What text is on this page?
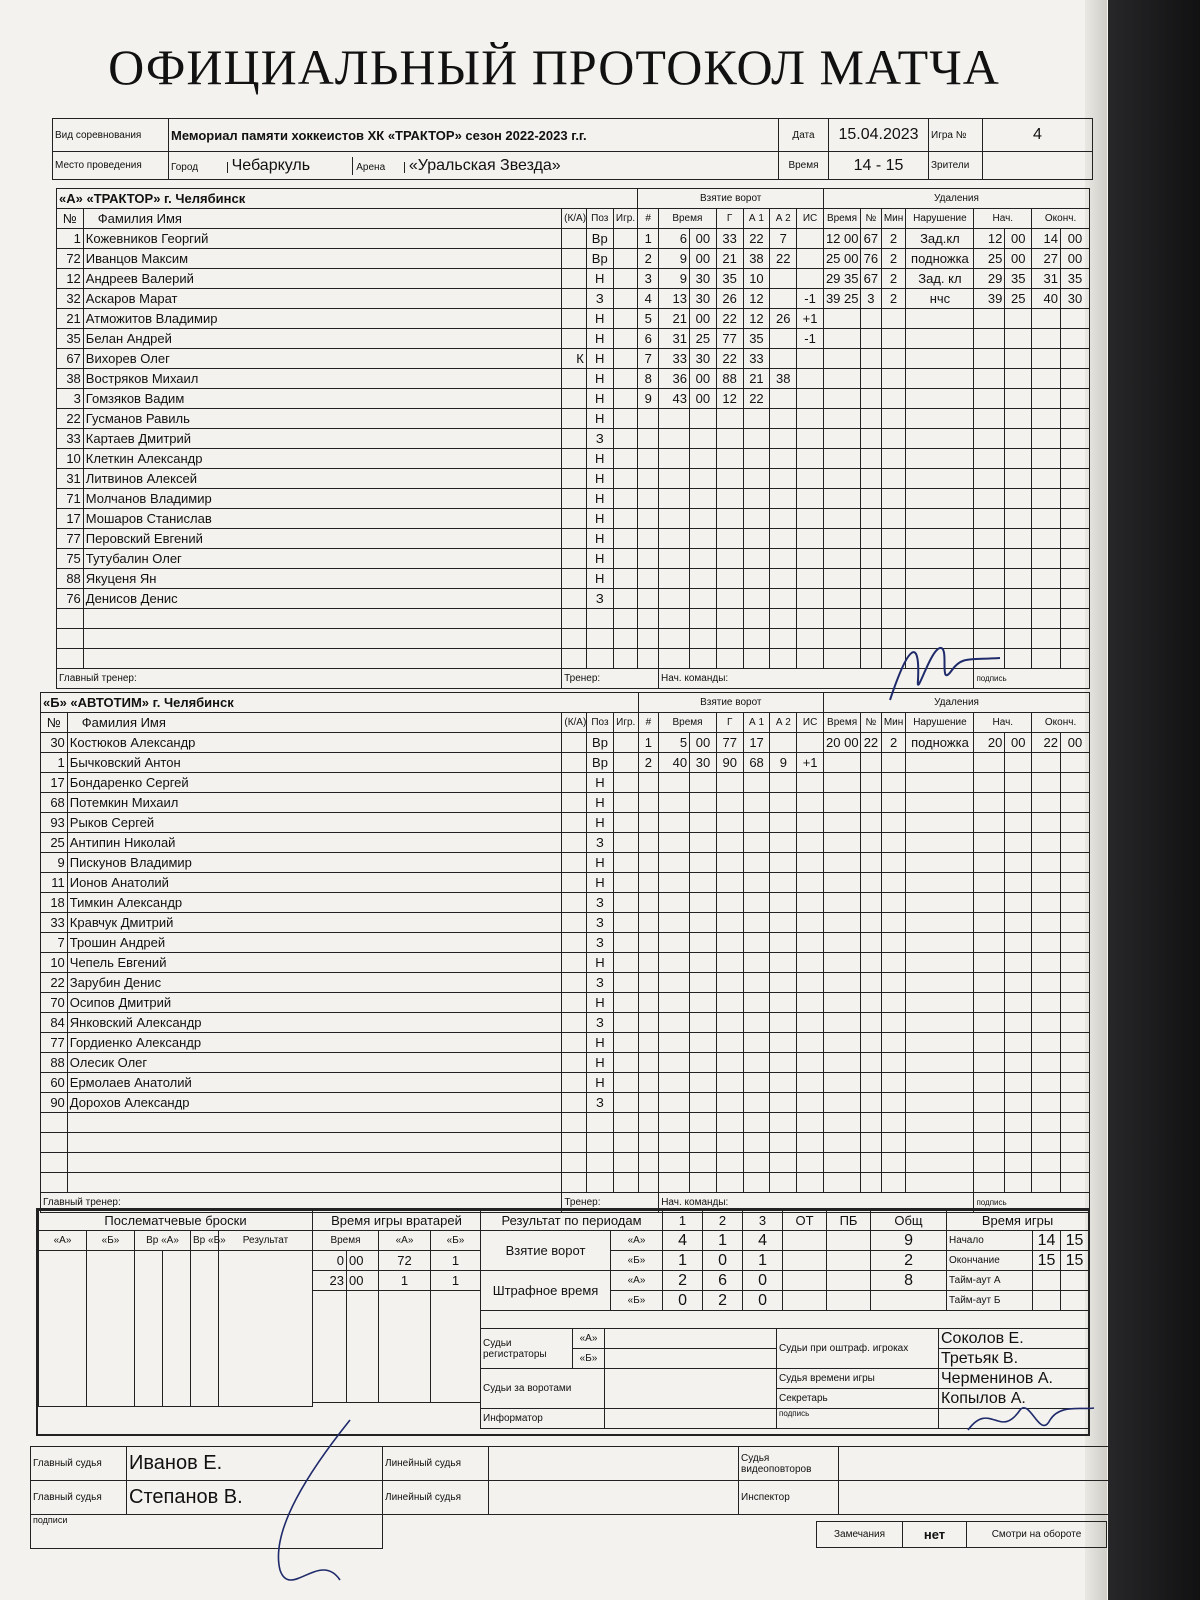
ОФИЦИАЛЬНЫЙ ПРОТОКОЛ МАТЧА
Вид соревнования	Мемориал памяти хоккеистов ХК «ТРАКТОР» сезон 2022-2023 г.г.	Дата	15.04.2023	Игра №	4
Место проведения	Город Чебаркуль Арена «Уральская Звезда»	Время	14 - 15	Зрители	
«А» «ТРАКТОР» г. Челябинск					Взятие ворот							Удаления							
№	Фамилия Имя	(К/А)	Поз	Игр.	#	Время		Г	А 1	А 2	ИС	Время	№	Мин	Нарушение	Нач.		Оконч.	
1	Кожевников Георгий		Вр		1	6	00	33	22	7		12 00	67	2	Зад.кл	12	00	14	00
72	Иванцов Максим		Вр		2	9	00	21	38	22		25 00	76	2	подножка	25	00	27	00
12	Андреев Валерий		Н		3	9	30	35	10			29 35	67	2	Зад. кл	29	35	31	35
32	Аскаров Марат		З		4	13	30	26	12		-1	39 25	3	2	нчс	39	25	40	30
21	Атможитов Владимир		Н		5	21	00	22	12	26	+1								
35	Белан Андрей		Н		6	31	25	77	35		-1								
67	Вихорев Олег	К	Н		7	33	30	22	33										
38	Востряков Михаил		Н		8	36	00	88	21	38									
3	Гомзяков Вадим		Н		9	43	00	12	22										
22	Гусманов Равиль		Н																
33	Картаев Дмитрий		З																
10	Клеткин Александр		Н																
31	Литвинов Алексей		Н																
71	Молчанов Владимир		Н																
17	Мошаров Станислав		Н																
77	Перовский Евгений		Н																
75	Тутубалин Олег		Н																
88	Якуценя Ян		Н																
76	Денисов Денис		З																

Главный тренер:		Тренер:				Нач. команды:										подпись			
«Б» «АВТОТИМ» г. Челябинск					Взятие ворот							Удаления							
№	Фамилия Имя	(К/А)	Поз	Игр.	#	Время		Г	А 1	А 2	ИС	Время	№	Мин	Нарушение	Нач.		Оконч.	
30	Костюков Александр		Вр		1	5	00	77	17			20 00	22	2	подножка	20	00	22	00
1	Бычковский Антон		Вр		2	40	30	90	68	9	+1								
17	Бондаренко Сергей		Н																
68	Потемкин Михаил		Н																
93	Рыков Сергей		Н																
25	Антипин Николай		З																
9	Пискунов Владимир		Н																
11	Ионов Анатолий		Н																
18	Тимкин Александр		З																
33	Кравчук Дмитрий		З																
7	Трошин Андрей		З																
10	Чепель Евгений		Н																
22	Зарубин Денис		З																
70	Осипов Дмитрий		Н																
84	Янковский Александр		З																
77	Гордиенко Александр		Н																
88	Олесик Олег		Н																
60	Ермолаев Анатолий		Н																
90	Дорохов Александр		З																

Главный тренер:		Тренер:				Нач. команды:										подпись			
Послематчевые броски					
«А»	«Б»	Вр «А»		Вр «Б»	Результат

Время игры вратарей			
Время		«А»	«Б»
0	00	72	1
23	00	1	1

Результат по периодам		1	2	3	ОТ	ПБ	Общ
Взятие ворот	«А»	4	1	4			9
	«Б»	1	0	1			2
Штрафное время	«А»	2	6	0			8
	«Б»	0	2	0			
Время игры		
Начало	14	15
Окончание	15	15
Тайм-аут А		
Тайм-аут Б		
Судьи регистраторы	«А»		Судьи при оштраф. игроках	Соколов Е.
	«Б»			Третьяк В.
Судьи за воротами			Судья времени игры	Черменинов А.
			Секретарь	Копылов А.
Информатор			подпись	
Главный судья	Иванов Е.	Линейный судья		Судья видеоповторов	
Главный судья	Степанов В.	Линейный судья		Инспектор	
подписи					
Замечания	нет	Смотри на обороте
